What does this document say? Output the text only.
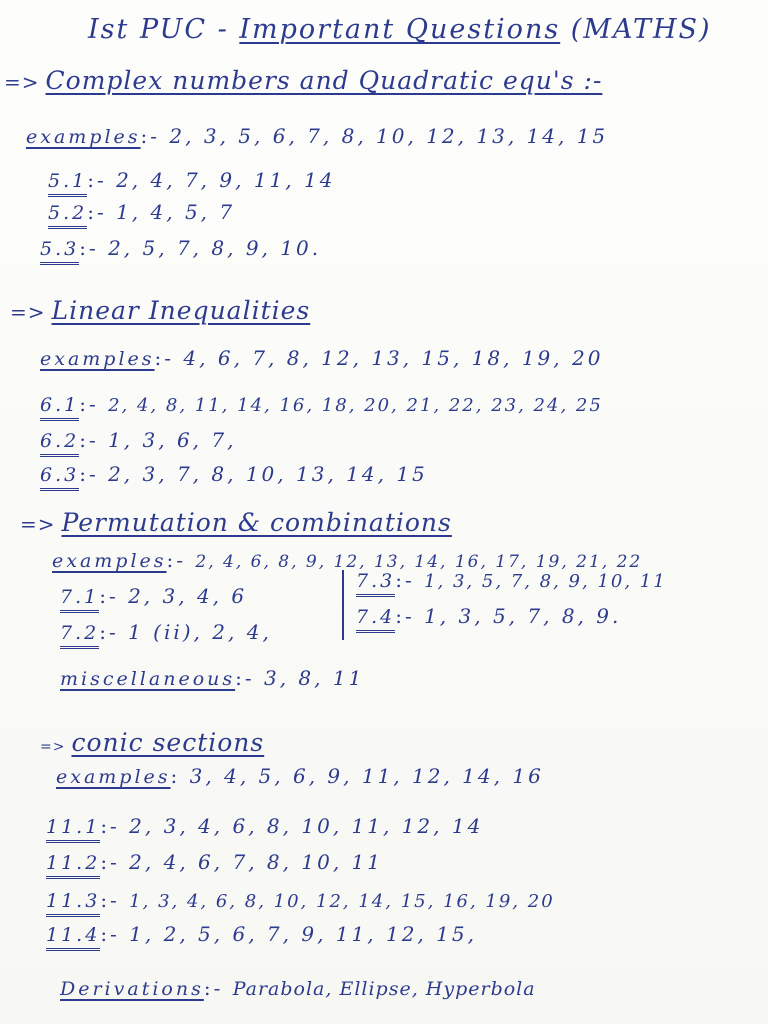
Ist PUC - Important Questions (MATHS)
=> Complex numbers and Quadratic equ's :-
examples:- 2, 3, 5, 6, 7, 8, 10, 12, 13, 14, 15
5.1:- 2, 4, 7, 9, 11, 14
5.2:- 1, 4, 5, 7
5.3:- 2, 5, 7, 8, 9, 10.
=> Linear Inequalities
examples:- 4, 6, 7, 8, 12, 13, 15, 18, 19, 20
6.1:- 2, 4, 8, 11, 14, 16, 18, 20, 21, 22, 23, 24, 25
6.2:- 1, 3, 6, 7,
6.3:- 2, 3, 7, 8, 10, 13, 14, 15
=> Permutation & combinations
examples:- 2, 4, 6, 8, 9, 12, 13, 14, 16, 17, 19, 21, 22
7.1:- 2, 3, 4, 6
7.2:- 1 (ii), 2, 4,
7.3:- 1, 3, 5, 7, 8, 9, 10, 11
7.4:- 1, 3, 5, 7, 8, 9.
miscellaneous:- 3, 8, 11
=> conic sections
examples: 3, 4, 5, 6, 9, 11, 12, 14, 16
11.1:- 2, 3, 4, 6, 8, 10, 11, 12, 14
11.2:- 2, 4, 6, 7, 8, 10, 11
11.3:- 1, 3, 4, 6, 8, 10, 12, 14, 15, 16, 19, 20
11.4:- 1, 2, 5, 6, 7, 9, 11, 12, 15,
Derivations:- Parabola, Ellipse, Hyperbola
